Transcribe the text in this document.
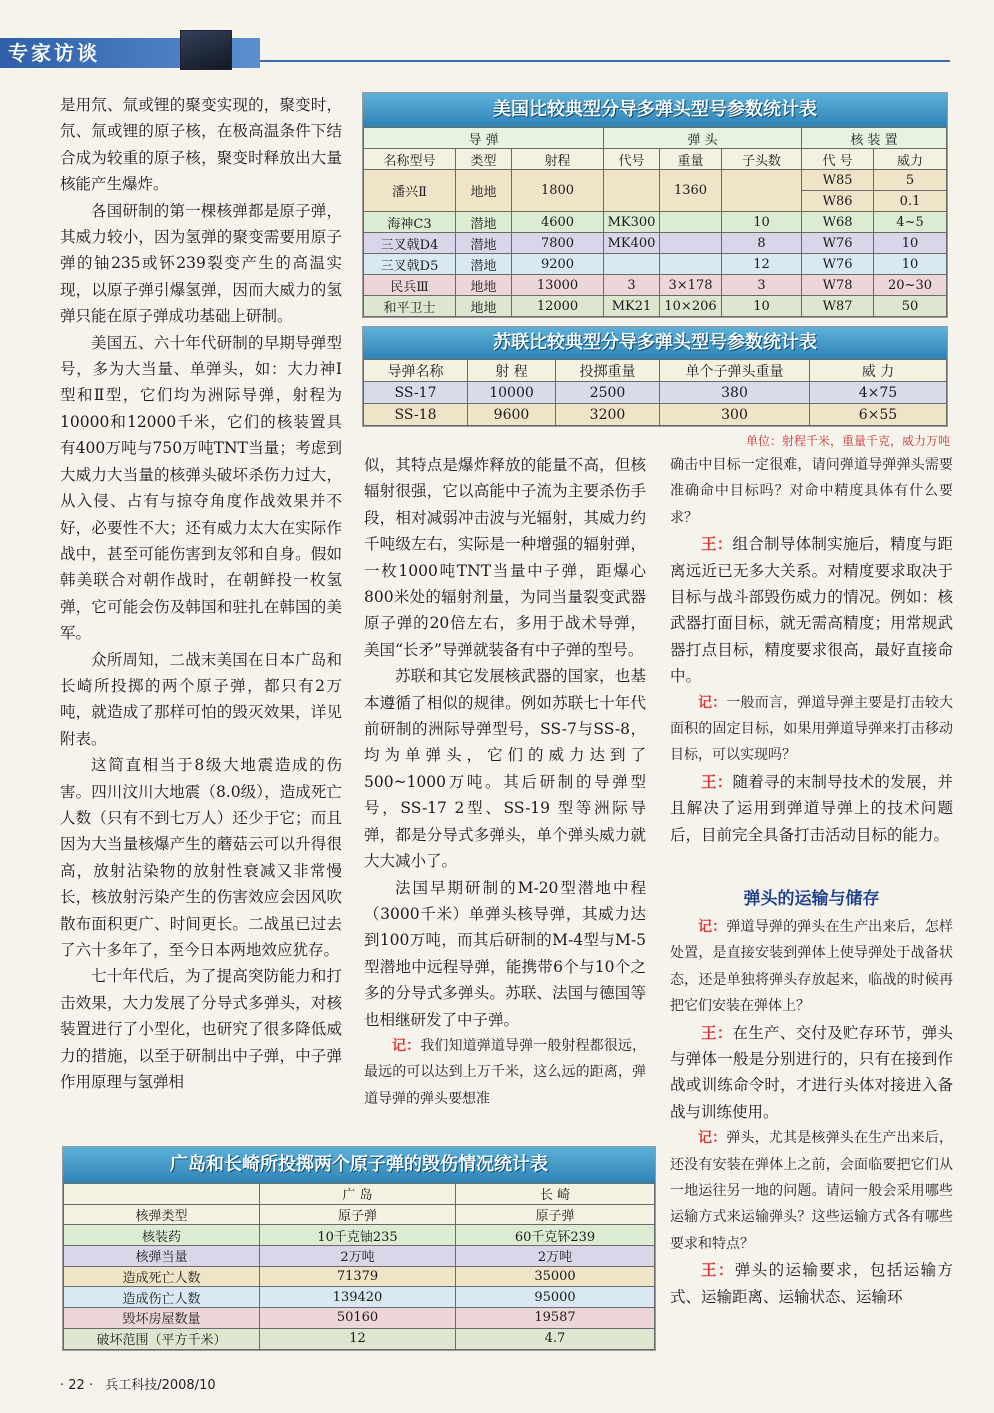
专家访谈

是用氘、氚或锂的聚变实现的，聚变时，氘、氚或锂的原子核，在极高温条件下结合成为较重的原子核，聚变时释放出大量核能产生爆炸。

各国研制的第一棵核弹都是原子弹，其威力较小，因为氢弹的聚变需要用原子弹的铀235或钚239裂变产生的高温实现，以原子弹引爆氢弹，因而大威力的氢弹只能在原子弹成功基础上研制。

美国五、六十年代研制的早期导弹型号，多为大当量、单弹头，如：大力神Ⅰ型和Ⅱ型，它们均为洲际导弹，射程为10000和12000千米，它们的核装置具有400万吨与750万吨TNT当量；考虑到大威力大当量的核弹头破坏杀伤力过大，从入侵、占有与掠夺角度作战效果并不好，必要性不大；还有威力太大在实际作战中，甚至可能伤害到友邻和自身。假如韩美联合对朝作战时，在朝鲜投一枚氢弹，它可能会伤及韩国和驻扎在韩国的美军。

众所周知，二战末美国在日本广岛和长崎所投掷的两个原子弹，都只有2万吨，就造成了那样可怕的毁灭效果，详见附表。

这简直相当于8级大地震造成的伤害。四川汶川大地震（8.0级），造成死亡人数（只有不到七万人）还少于它；而且因为大当量核爆产生的蘑菇云可以升得很高，放射沾染物的放射性衰减又非常慢长，核放射污染产生的伤害效应会因风吹散布面积更广、时间更长。二战虽已过去了六十多年了，至今日本两地效应犹存。

七十年代后，为了提高突防能力和打击效果，大力发展了分导式多弹头，对核装置进行了小型化，也研究了很多降低威力的措施，以至于研制出中子弹，中子弹作用原理与氢弹相

美国比较典型分导多弹头型号参数统计表
导 弹			弹 头			核 装 置	
名称型号	类型	射程	代号	重量	子头数	代 号	威力
潘兴Ⅱ	地地	1800		1360		W85	5
						W86	0.1
海神C3	潜地	4600	MK300		10	W68	4~5
三叉戟D4	潜地	7800	MK400		8	W76	10
三叉戟D5	潜地	9200			12	W76	10
民兵Ⅲ	地地	13000	3	3×178	3	W78	20~30
和平卫士	地地	12000	MK21	10×206	10	W87	50
苏联比较典型分导多弹头型号参数统计表
导弹名称	射 程	投掷重量	单个子弹头重量	威 力
SS-17	10000	2500	380	4×75
SS-18	9600	3200	300	6×55
单位：射程千米，重量千克，威力万吨

似，其特点是爆炸释放的能量不高，但核辐射很强，它以高能中子流为主要杀伤手段，相对减弱冲击波与光辐射，其威力约千吨级左右，实际是一种增强的辐射弹，一枚1000吨TNT当量中子弹，距爆心800米处的辐射剂量，为同当量裂变武器原子弹的20倍左右，多用于战术导弹，美国“长矛”导弹就装备有中子弹的型号。

苏联和其它发展核武器的国家，也基本遵循了相似的规律。例如苏联七十年代前研制的洲际导弹型号，SS-7与SS-8，均为单弹头，它们的威力达到了500~1000万吨。其后研制的导弹型号，SS-17 2型、SS-19 型等洲际导弹，都是分导式多弹头，单个弹头威力就大大减小了。

法国早期研制的M-20型潜地中程（3000千米）单弹头核导弹，其威力达到100万吨，而其后研制的M-4型与M-5型潜地中远程导弹，能携带6个与10个之多的分导式多弹头。苏联、法国与德国等也相继研发了中子弹。

记：我们知道弹道导弹一般射程都很远，最远的可以达到上万千米，这么远的距离，弹道导弹的弹头要想准

确击中目标一定很难，请问弹道导弹弹头需要准确命中目标吗？对命中精度具体有什么要求？

王：组合制导体制实施后，精度与距离远近已无多大关系。对精度要求取决于目标与战斗部毁伤威力的情况。例如：核武器打面目标，就无需高精度；用常规武器打点目标，精度要求很高，最好直接命中。

记：一般而言，弹道导弹主要是打击较大面积的固定目标，如果用弹道导弹来打击移动目标，可以实现吗？

王：随着寻的末制导技术的发展，并且解决了运用到弹道导弹上的技术问题后，目前完全具备打击活动目标的能力。

弹头的运输与储存

记：弹道导弹的弹头在生产出来后，怎样处置，是直接安装到弹体上使导弹处于战备状态，还是单独将弹头存放起来，临战的时候再把它们安装在弹体上？

王：在生产、交付及贮存环节，弹头与弹体一般是分别进行的，只有在接到作战或训练命令时，才进行头体对接进入备战与训练使用。

记：弹头，尤其是核弹头在生产出来后，还没有安装在弹体上之前，会面临要把它们从一地运往另一地的问题。请问一般会采用哪些运输方式来运输弹头？这些运输方式各有哪些要求和特点？

王：弹头的运输要求，包括运输方式、运输距离、运输状态、运输环

广岛和长崎所投掷两个原子弹的毁伤情况统计表
	广 岛	长 崎
核弹类型	原子弹	原子弹
核装药	10千克铀235	60千克钚239
核弹当量	2万吨	2万吨
造成死亡人数	71379	35000
造成伤亡人数	139420	95000
毁坏房屋数量	50160	19587
破坏范围（平方千米）	12	4.7
· 22 · 兵工科技/2008/10
